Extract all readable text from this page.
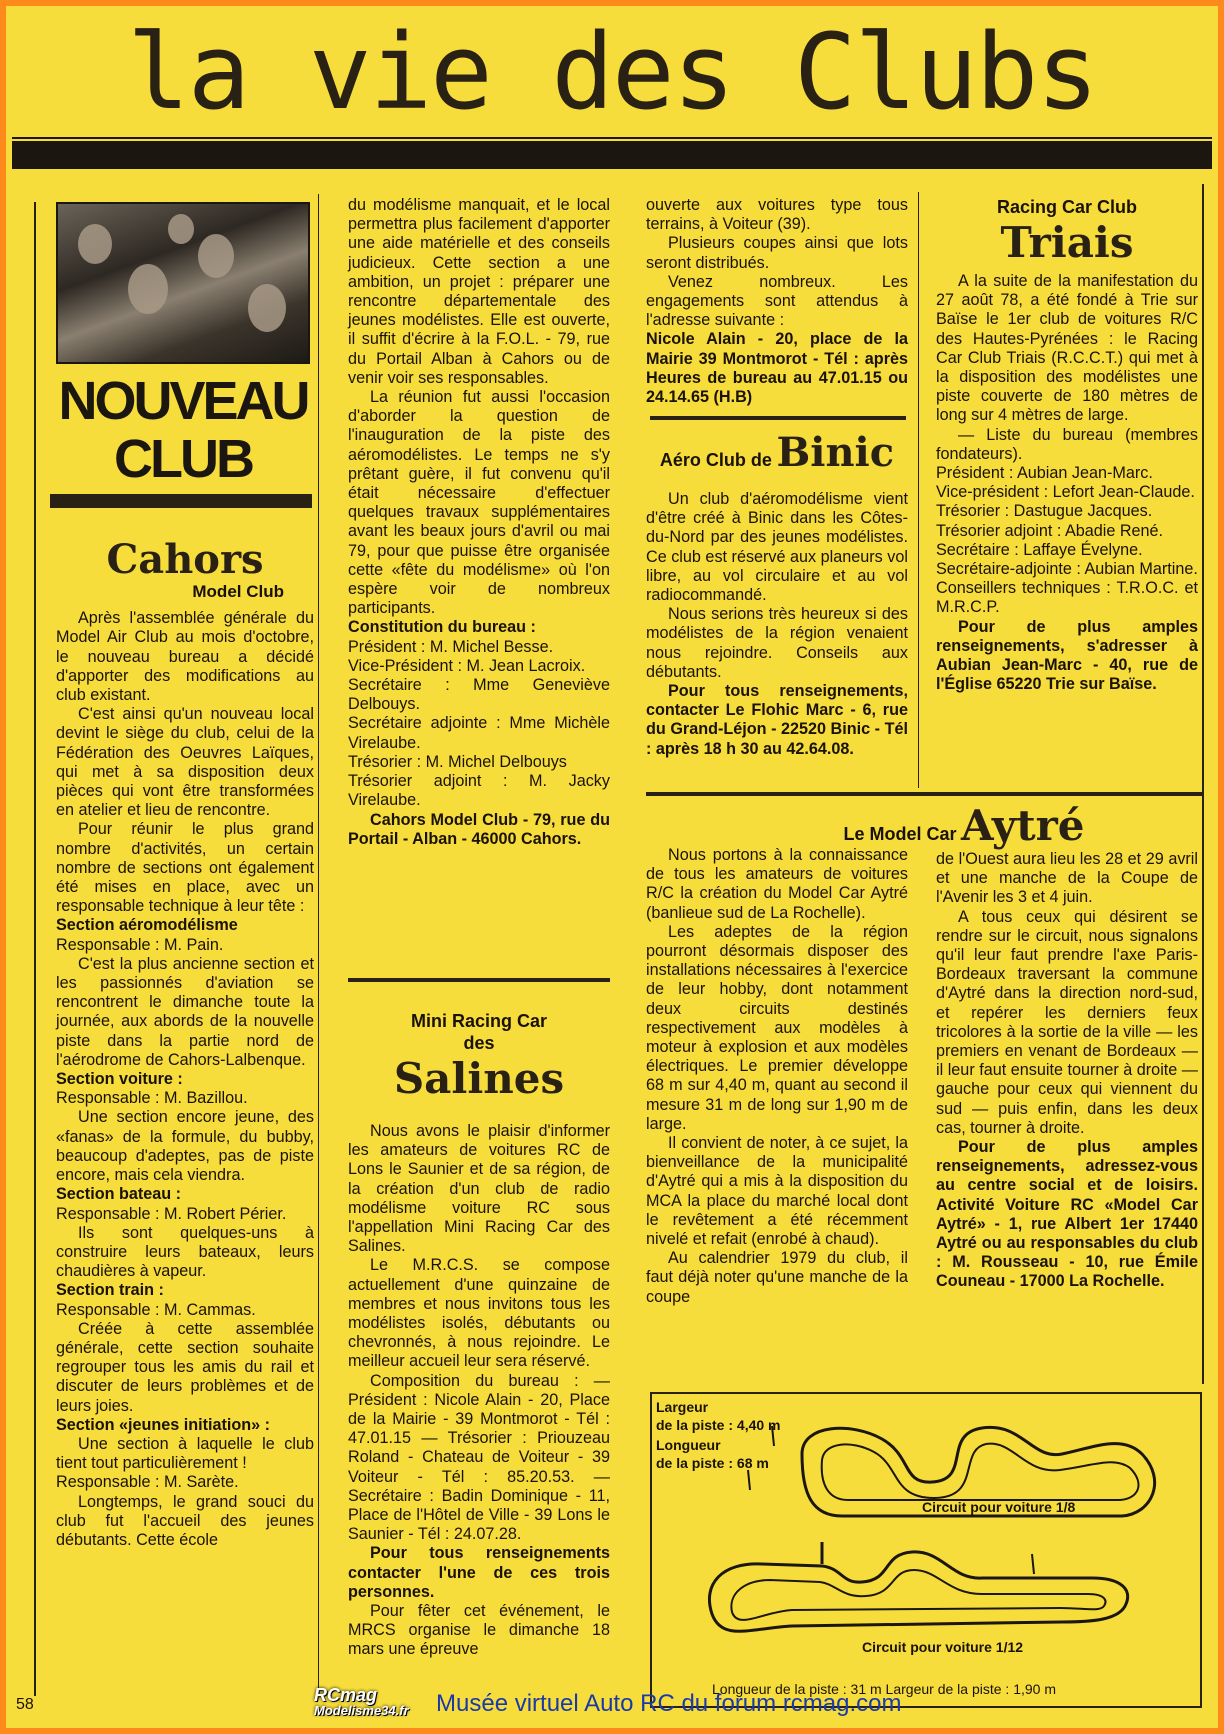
la vie des Clubs
NOUVEAU
CLUB
Cahors
Model Club

Après l'assemblée générale du Model Air Club au mois d'octobre, le nouveau bureau a décidé d'apporter des modifications au club existant.

C'est ainsi qu'un nouveau local devint le siège du club, celui de la Fédération des Oeuvres Laïques, qui met à sa disposition deux pièces qui vont être transformées en atelier et lieu de rencontre.

Pour réunir le plus grand nombre d'activités, un certain nombre de sections ont également été mises en place, avec un responsable technique à leur tête :

Section aéromodélisme

Responsable : M. Pain.

C'est la plus ancienne section et les passionnés d'aviation se rencontrent le dimanche toute la journée, aux abords de la nouvelle piste dans la partie nord de l'aérodrome de Cahors-Lalbenque.

Section voiture :

Responsable : M. Bazillou.

Une section encore jeune, des «fanas» de la formule, du bubby, beaucoup d'adeptes, pas de piste encore, mais cela viendra.

Section bateau :

Responsable : M. Robert Périer.

Ils sont quelques-uns à construire leurs bateaux, leurs chaudières à vapeur.

Section train :

Responsable : M. Cammas.

Créée à cette assemblée générale, cette section souhaite regrouper tous les amis du rail et discuter de leurs problèmes et de leurs joies.

Section «jeunes initiation» :

Une section à laquelle le club tient tout particulièrement !

Responsable : M. Sarète.

Longtemps, le grand souci du club fut l'accueil des jeunes débutants. Cette école

du modélisme manquait, et le local permettra plus facilement d'apporter une aide matérielle et des conseils judicieux. Cette section a une ambition, un projet : préparer une rencontre départementale des jeunes modélistes. Elle est ouverte, il suffit d'écrire à la F.O.L. - 79, rue du Portail Alban à Cahors ou de venir voir ses responsables.

La réunion fut aussi l'occasion d'aborder la question de l'inauguration de la piste des aéromodélistes. Le temps ne s'y prêtant guère, il fut convenu qu'il était nécessaire d'effectuer quelques travaux supplémentaires avant les beaux jours d'avril ou mai 79, pour que puisse être organisée cette «fête du modélisme» où l'on espère voir de nombreux participants.

Constitution du bureau :

Président : M. Michel Besse.

Vice-Président : M. Jean Lacroix.

Secrétaire : Mme Geneviève Delbouys.

Secrétaire adjointe : Mme Michèle Virelaube.

Trésorier : M. Michel Delbouys

Trésorier adjoint : M. Jacky Virelaube.

Cahors Model Club - 79, rue du Portail - Alban - 46000 Cahors.

Mini Racing Car
des
Salines

Nous avons le plaisir d'informer les amateurs de voitures RC de Lons le Saunier et de sa région, de la création d'un club de radio modélisme voiture RC sous l'appellation Mini Racing Car des Salines.

Le M.R.C.S. se compose actuellement d'une quinzaine de membres et nous invitons tous les modélistes isolés, débutants ou chevronnés, à nous rejoindre. Le meilleur accueil leur sera réservé.

Composition du bureau : — Président : Nicole Alain - 20, Place de la Mairie - 39 Montmorot - Tél : 47.01.15 — Trésorier : Priouzeau Roland - Chateau de Voiteur - 39 Voiteur - Tél : 85.20.53. — Secrétaire : Badin Dominique - 11, Place de l'Hôtel de Ville - 39 Lons le Saunier - Tél : 24.07.28.

Pour tous renseignements contacter l'une de ces trois personnes.

Pour fêter cet événement, le MRCS organise le dimanche 18 mars une épreuve

ouverte aux voitures type tous terrains, à Voiteur (39).

Plusieurs coupes ainsi que lots seront distribués.

Venez nombreux. Les engagements sont attendus à l'adresse suivante :

Nicole Alain - 20, place de la Mairie 39 Montmorot - Tél : après Heures de bureau au 47.01.15 ou 24.14.65 (H.B)

Aéro Club de Binic

Un club d'aéromodélisme vient d'être créé à Binic dans les Côtes-du-Nord par des jeunes modélistes. Ce club est réservé aux planeurs vol libre, au vol circulaire et au vol radiocommandé.

Nous serions très heureux si des modélistes de la région venaient nous rejoindre. Conseils aux débutants.

Pour tous renseignements, contacter Le Flohic Marc - 6, rue du Grand-Léjon - 22520 Binic - Tél : après 18 h 30 au 42.64.08.

Racing Car Club
Triais

A la suite de la manifestation du 27 août 78, a été fondé à Trie sur Baïse le 1er club de voitures R/C des Hautes-Pyrénées : le Racing Car Club Triais (R.C.C.T.) qui met à la disposition des modélistes une piste couverte de 180 mètres de long sur 4 mètres de large.

— Liste du bureau (membres fondateurs).

Président : Aubian Jean-Marc.

Vice-président : Lefort Jean-Claude.

Trésorier : Dastugue Jacques.

Trésorier adjoint : Abadie René.

Secrétaire : Laffaye Évelyne.

Secrétaire-adjointe : Aubian Martine.

Conseillers techniques : T.R.O.C. et M.R.C.P.

Pour de plus amples renseignements, s'adresser à Aubian Jean-Marc - 40, rue de l'Église 65220 Trie sur Baïse.

Le Model Car Aytré

Nous portons à la connaissance de tous les amateurs de voitures R/C la création du Model Car Aytré (banlieue sud de La Rochelle).

Les adeptes de la région pourront désormais disposer des installations nécessaires à l'exercice de leur hobby, dont notamment deux circuits destinés respectivement aux modèles à moteur à explosion et aux modèles électriques. Le premier développe 68 m sur 4,40 m, quant au second il mesure 31 m de long sur 1,90 m de large.

Il convient de noter, à ce sujet, la bienveillance de la municipalité d'Aytré qui a mis à la disposition du MCA la place du marché local dont le revêtement a été récemment nivelé et refait (enrobé à chaud).

Au calendrier 1979 du club, il faut déjà noter qu'une manche de la coupe

de l'Ouest aura lieu les 28 et 29 avril et une manche de la Coupe de l'Avenir les 3 et 4 juin.

A tous ceux qui désirent se rendre sur le circuit, nous signalons qu'il leur faut prendre l'axe Paris-Bordeaux traversant la commune d'Aytré dans la direction nord-sud, et repérer les derniers feux tricolores à la sortie de la ville — les premiers en venant de Bordeaux — il leur faut ensuite tourner à droite — gauche pour ceux qui viennent du sud — puis enfin, dans les deux cas, tourner à droite.

Pour de plus amples renseignements, adressez-vous au centre social et de loisirs. Activité Voiture RC «Model Car Aytré» - 1, rue Albert 1er 17440 Aytré ou au responsables du club : M. Rousseau - 10, rue Émile Couneau - 17000 La Rochelle.

Largeur
de la piste : 4,40 m
Longueur
de la piste : 68 m
Circuit pour voiture 1/8
Circuit pour voiture 1/12
Longueur de la piste : 31 m Largeur de la piste : 1,90 m
58	RCmag
Modelisme34.fr Musée virtuel Auto RC du forum rcmag.com
